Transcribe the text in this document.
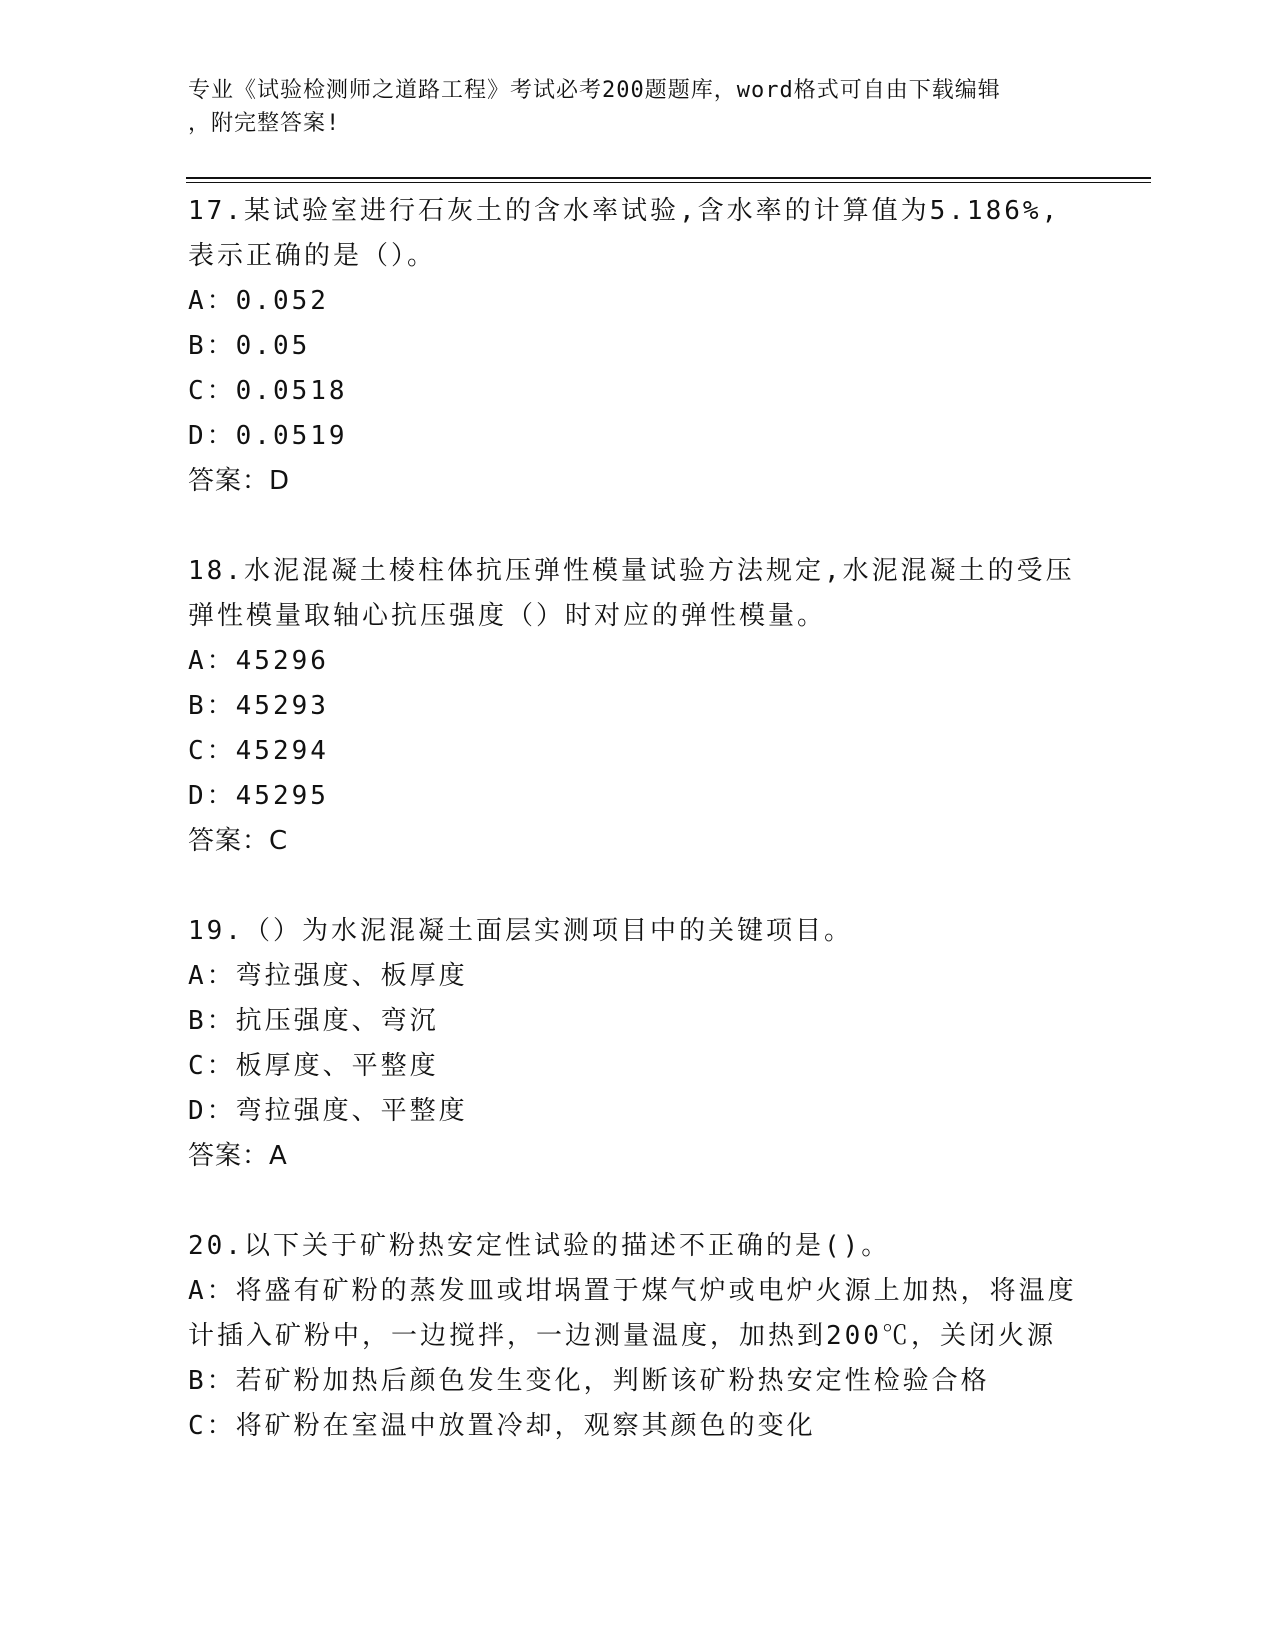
专业《试验检测师之道路工程》考试必考200题题库，word格式可自由下载编辑
，附完整答案!
17.某试验室进行石灰土的含水率试验,含水率的计算值为5.186%,表示正确的是（）。
A：0.052
B：0.05
C：0.0518
D：0.0519
答案：D
18.水泥混凝土棱柱体抗压弹性模量试验方法规定,水泥混凝土的受压弹性模量取轴心抗压强度（）时对应的弹性模量。
A：45296
B：45293
C：45294
D：45295
答案：C
19.（）为水泥混凝土面层实测项目中的关键项目。
A：弯拉强度、板厚度
B：抗压强度、弯沉
C：板厚度、平整度
D：弯拉强度、平整度
答案：A
20.以下关于矿粉热安定性试验的描述不正确的是()。
A：将盛有矿粉的蒸发皿或坩埚置于煤气炉或电炉火源上加热，将温度计插入矿粉中，一边搅拌，一边测量温度，加热到200℃，关闭火源
B：若矿粉加热后颜色发生变化，判断该矿粉热安定性检验合格
C：将矿粉在室温中放置冷却，观察其颜色的变化
